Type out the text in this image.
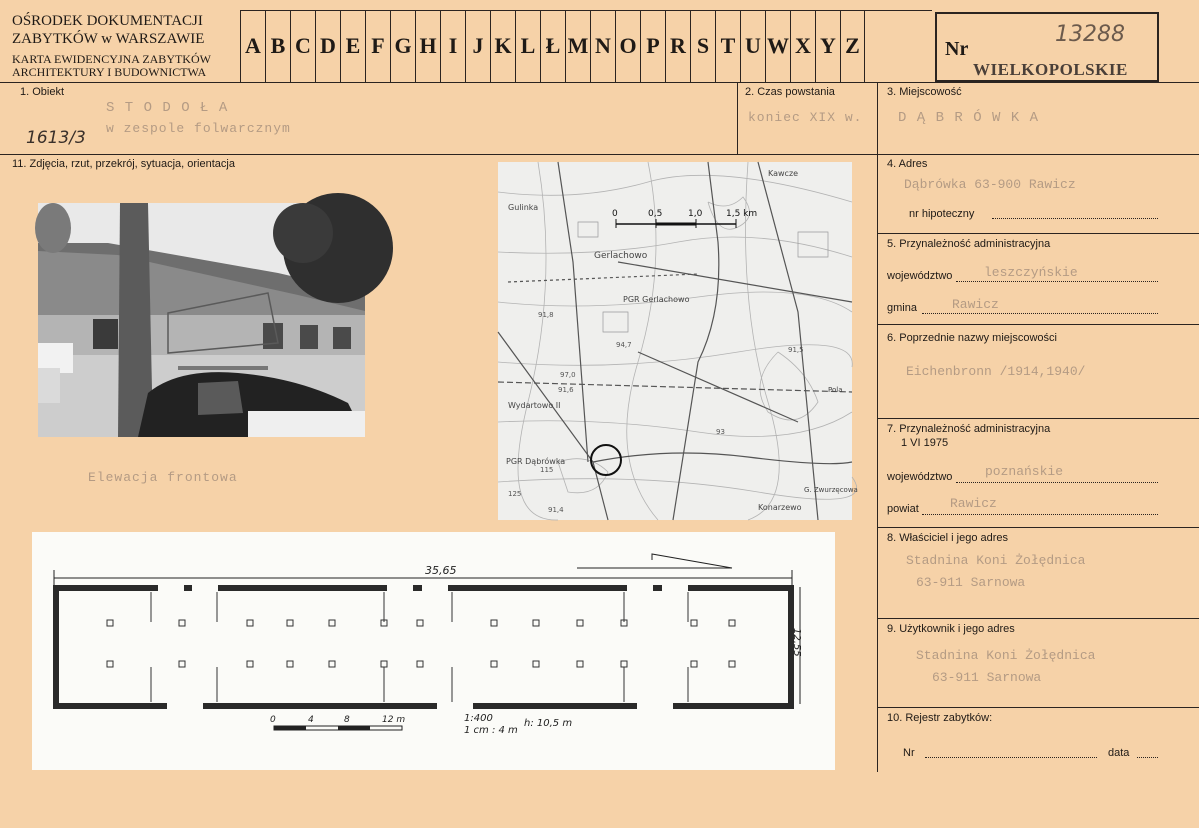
OŚRODEK DOKUMENTACJI
ZABYTKÓW w WARSZAWIE
KARTA EWIDENCYJNA ZABYTKÓW
ARCHITEKTURY I BUDOWNICTWA
A B C D E F G H I J K L Ł M N O P R S T U W X Y Z	Nr
13288
WIELKOPOLSKIE
1. Obiekt
S T O D O Ł A
w zespole folwarcznym
1613/3
2. Czas powstania
koniec XIX w.
3. Miejscowość
D Ą B R Ó W K A
11. Zdjęcia, rzut, przekrój, sytuacja, orientacja
Elewacja frontowa
0	0,5	1,0	1,5 km
Gulinka
Gerlachowo
PGR Gerlachowo
Wydartowo II
PGR Dąbrówka
Konarzewo
G. Zwurzęcowa
Kawcze
Pola
91,8
94,7
97,0
91,6
115
125
91,4
93
91,5
0	4	8	12 m
35,65
12,55
1:400
1 cm : 4 m
h: 10,5 m
4. Adres
Dąbrówka 63-900 Rawicz
nr hipoteczny
5. Przynależność administracyjna
województwo leszczyńskie
gmina	Rawicz
6. Poprzednie nazwy miejscowości
Eichenbronn /1914,1940/
7. Przynależność administracyjna
1 VI 1975
województwo	poznańskie
powiat Rawicz
8. Właściciel i jego adres
Stadnina Koni Żołędnica
63-911 Sarnowa
9. Użytkownik i jego adres
Stadnina Koni Żołędnica
63-911 Sarnowa
10. Rejestr zabytków:
Nr	data
